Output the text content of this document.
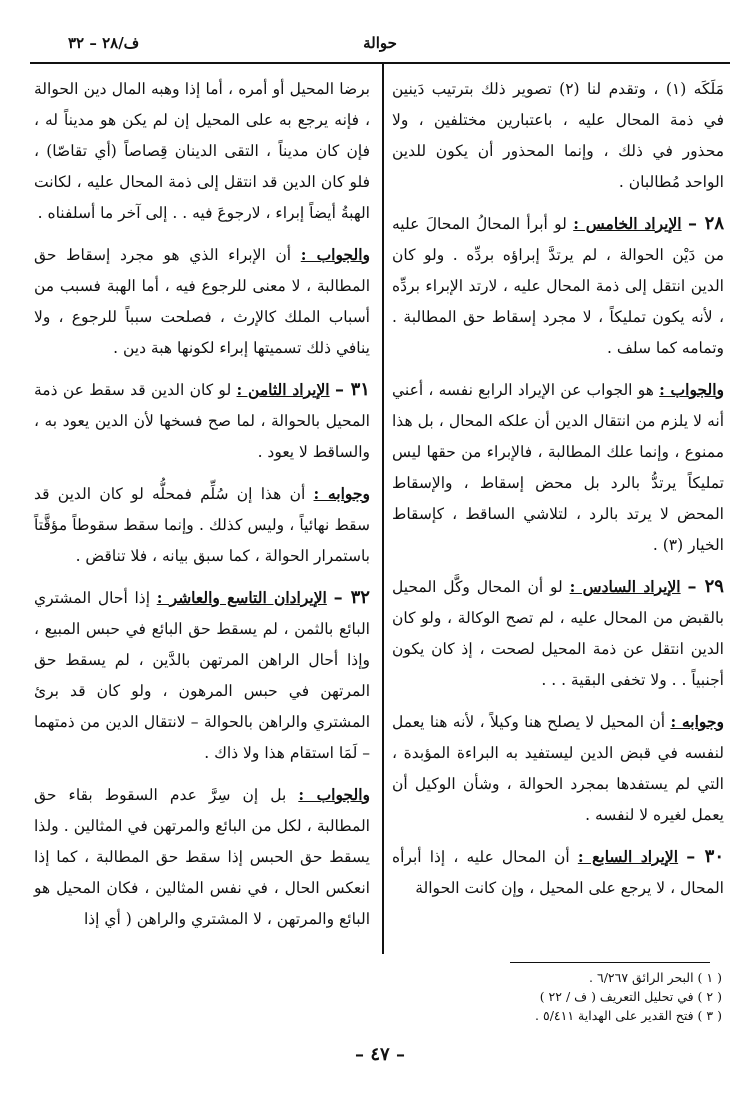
ف/٢٨ – ٣٢	حوالة

مَلَكَه (١) ، وتقدم لنا (٢) تصوير ذلك بترتيب دَينين في ذمة المحال عليه ، باعتبارين مختلفين ، ولا محذور في ذلك ، وإنما المحذور أن يكون للدين الواحد مُطالبان .

٢٨ – الإيراد الخامس : لو أبرأ المحالُ المحالَ عليه من دَيْن الحوالة ، لم يرتدَّ إبراؤه بردِّه . ولو كان الدين انتقل إلى ذمة المحال عليه ، لارتد الإبراء بردِّه ، لأنه يكون تمليكاً ، لا مجرد إسقاط حق المطالبة . وتمامه كما سلف .

والجواب : هو الجواب عن الإيراد الرابع نفسه ، أعني أنه لا يلزم من انتقال الدين أن علكه المحال ، بل هذا ممنوع ، وإنما علك المطالبة ، فالإبراء من حقها ليس تمليكاً يرتدُّ بالرد بل محض إسقاط ، والإسقاط المحض لا يرتد بالرد ، لتلاشي الساقط ، كإسقاط الخيار (٣) .

٢٩ – الإيراد السادس : لو أن المحال وكَّل المحيل بالقبض من المحال عليه ، لم تصح الوكالة ، ولو كان الدين انتقل عن ذمة المحيل لصحت ، إذ كان يكون أجنبياً . . ولا تخفى البقية . . .

وجوابه : أن المحيل لا يصلح هنا وكيلاً ، لأنه هنا يعمل لنفسه في قبض الدين ليستفيد به البراءة المؤبدة ، التي لم يستفدها بمجرد الحوالة ، وشأن الوكيل أن يعمل لغيره لا لنفسه .

٣٠ – الإيراد السابع : أن المحال عليه ، إذا أبرأه المحال ، لا يرجع على المحيل ، وإن كانت الحوالة

برضا المحيل أو أمره ، أما إذا وهبه المال دين الحوالة ، فإنه يرجع به على المحيل إن لم يكن هو مديناً له ، فإن كان مديناً ، التقى الدينان قِصاصاً (أي تقاصّا) ، فلو كان الدين قد انتقل إلى ذمة المحال عليه ، لكانت الهبةُ أيضاً إبراء ، لارجوعَ فيه . . إلى آخر ما أسلفناه .

والجواب : أن الإبراء الذي هو مجرد إسقاط حق المطالبة ، لا معنى للرجوع فيه ، أما الهبة فسبب من أسباب الملك كالإرث ، فصلحت سبباً للرجوع ، ولا ينافي ذلك تسميتها إبراء لكونها هبة دين .

٣١ – الإيراد الثامن : لو كان الدين قد سقط عن ذمة المحيل بالحوالة ، لما صح فسخها لأن الدين يعود به ، والساقط لا يعود .

وجوابه : أن هذا إن سُلِّم فمحلُّه لو كان الدين قد سقط نهائياً ، وليس كذلك . وإنما سقط سقوطاً مؤقَّتاً باستمرار الحوالة ، كما سبق بيانه ، فلا تناقض .

٣٢ – الإيرادان التاسع والعاشر : إذا أحال المشتري البائع بالثمن ، لم يسقط حق البائع في حبس المبيع ، وإذا أحال الراهن المرتهن بالدَّين ، لم يسقط حق المرتهن في حبس المرهون ، ولو كان قد برئ المشتري والراهن بالحوالة – لانتقال الدين من ذمتهما – لَمَا استقام هذا ولا ذاك .

والجواب : بل إن سِرَّ عدم السقوط بقاء حق المطالبة ، لكل من البائع والمرتهن في المثالين . ولذا يسقط حق الحبس إذا سقط حق المطالبة ، كما إذا انعكس الحال ، في نفس المثالين ، فكان المحيل هو البائع والمرتهن ، لا المشتري والراهن ( أي إذا

( ١ ) البحر الرائق ٦/٢٦٧ .
( ٢ ) في تحليل التعريف ( ف / ٢٢ )
( ٣ ) فتح القدير على الهداية ٥/٤١١ .
– ٤٧ –
